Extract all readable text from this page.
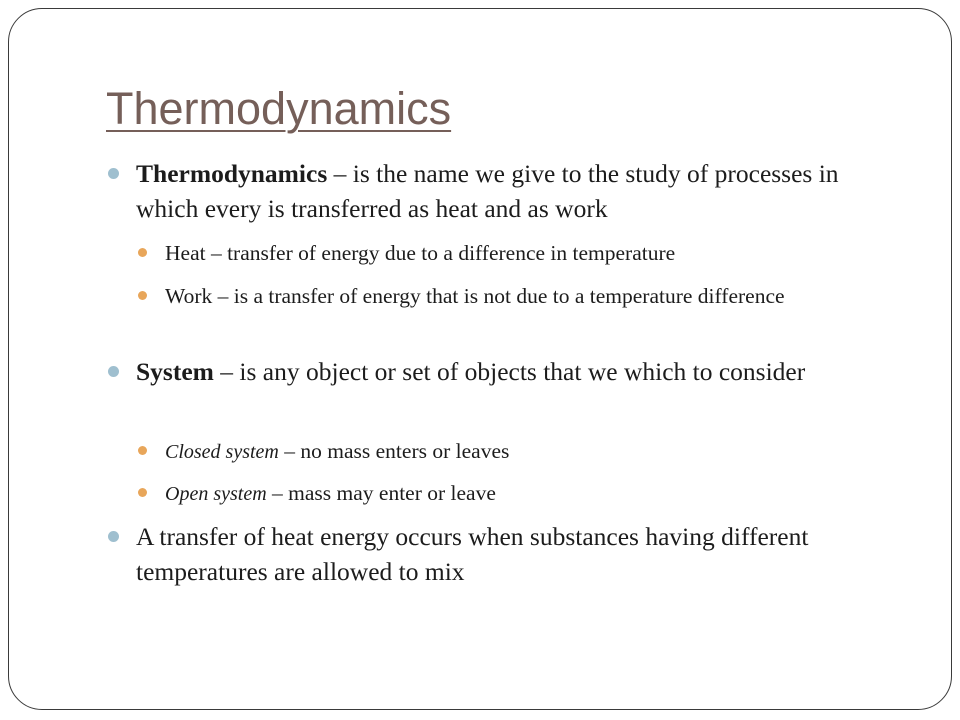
Thermodynamics

Thermodynamics – is the name we give to the study of processes in which every is transferred as heat and as work

Heat – transfer of energy due to a difference in temperature

Work – is a transfer of energy that is not due to a temperature difference

System – is any object or set of objects that we which to consider

Closed system – no mass enters or leaves

Open system – mass may enter or leave

A transfer of heat energy occurs when substances having different temperatures are allowed to mix
